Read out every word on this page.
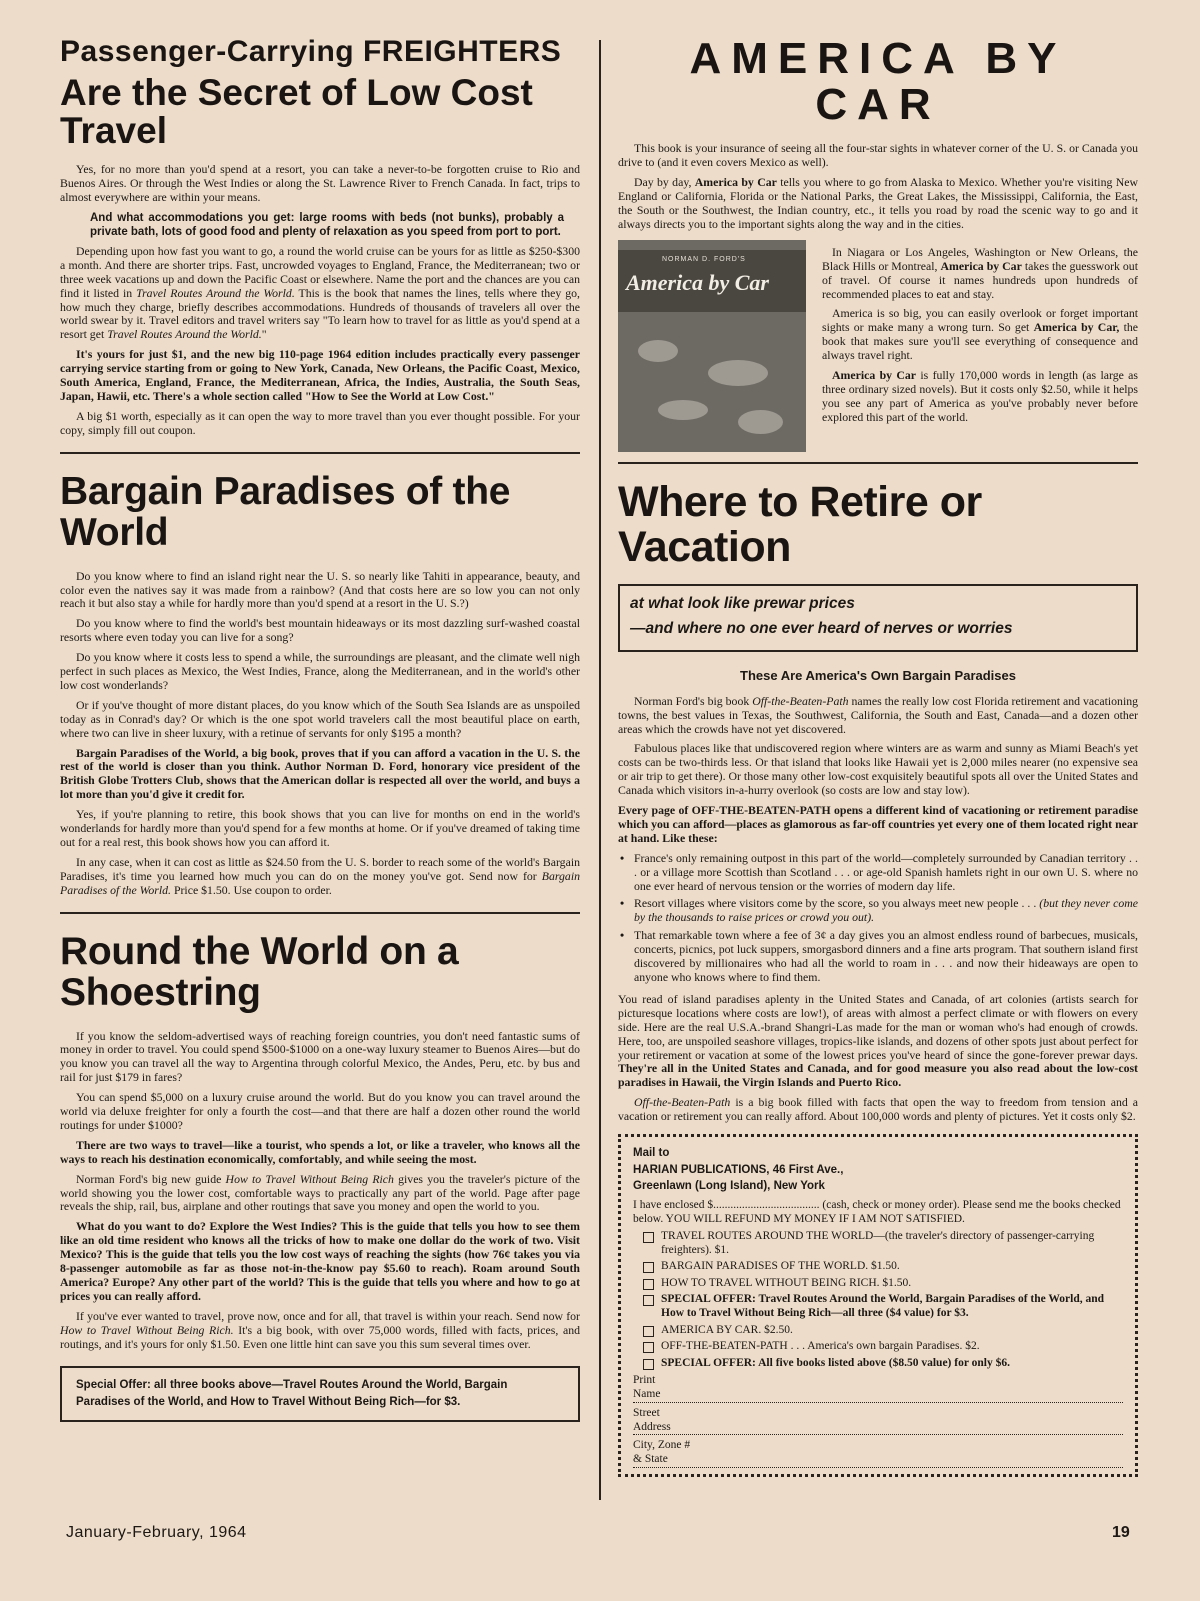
Passenger-Carrying FREIGHTERS
Are the Secret of Low Cost Travel

Yes, for no more than you'd spend at a resort, you can take a never-to-be forgotten cruise to Rio and Buenos Aires. Or through the West Indies or along the St. Lawrence River to French Canada. In fact, trips to almost everywhere are within your means.

And what accommodations you get: large rooms with beds (not bunks), probably a private bath, lots of good food and plenty of relaxation as you speed from port to port.

Depending upon how fast you want to go, a round the world cruise can be yours for as little as $250-$300 a month. And there are shorter trips. Fast, uncrowded voyages to England, France, the Mediterranean; two or three week vacations up and down the Pacific Coast or elsewhere. Name the port and the chances are you can find it listed in Travel Routes Around the World. This is the book that names the lines, tells where they go, how much they charge, briefly describes accommodations. Hundreds of thousands of travelers all over the world swear by it. Travel editors and travel writers say "To learn how to travel for as little as you'd spend at a resort get Travel Routes Around the World."

It's yours for just $1, and the new big 110-page 1964 edition includes practically every passenger carrying service starting from or going to New York, Canada, New Orleans, the Pacific Coast, Mexico, South America, England, France, the Mediterranean, Africa, the Indies, Australia, the South Seas, Japan, Hawii, etc. There's a whole section called "How to See the World at Low Cost."

A big $1 worth, especially as it can open the way to more travel than you ever thought possible. For your copy, simply fill out coupon.

Bargain Paradises of the World

Do you know where to find an island right near the U. S. so nearly like Tahiti in appearance, beauty, and color even the natives say it was made from a rainbow? (And that costs here are so low you can not only reach it but also stay a while for hardly more than you'd spend at a resort in the U. S.?)

Do you know where to find the world's best mountain hideaways or its most dazzling surf-washed coastal resorts where even today you can live for a song?

Do you know where it costs less to spend a while, the surroundings are pleasant, and the climate well nigh perfect in such places as Mexico, the West Indies, France, along the Mediterranean, and in the world's other low cost wonderlands?

Or if you've thought of more distant places, do you know which of the South Sea Islands are as unspoiled today as in Conrad's day? Or which is the one spot world travelers call the most beautiful place on earth, where two can live in sheer luxury, with a retinue of servants for only $195 a month?

Bargain Paradises of the World, a big book, proves that if you can afford a vacation in the U. S. the rest of the world is closer than you think. Author Norman D. Ford, honorary vice president of the British Globe Trotters Club, shows that the American dollar is respected all over the world, and buys a lot more than you'd give it credit for.

Yes, if you're planning to retire, this book shows that you can live for months on end in the world's wonderlands for hardly more than you'd spend for a few months at home. Or if you've dreamed of taking time out for a real rest, this book shows how you can afford it.

In any case, when it can cost as little as $24.50 from the U. S. border to reach some of the world's Bargain Paradises, it's time you learned how much you can do on the money you've got. Send now for Bargain Paradises of the World. Price $1.50. Use coupon to order.

Round the World on a Shoestring

If you know the seldom-advertised ways of reaching foreign countries, you don't need fantastic sums of money in order to travel. You could spend $500-$1000 on a one-way luxury steamer to Buenos Aires—but do you know you can travel all the way to Argentina through colorful Mexico, the Andes, Peru, etc. by bus and rail for just $179 in fares?

You can spend $5,000 on a luxury cruise around the world. But do you know you can travel around the world via deluxe freighter for only a fourth the cost—and that there are half a dozen other round the world routings for under $1000?

There are two ways to travel—like a tourist, who spends a lot, or like a traveler, who knows all the ways to reach his destination economically, comfortably, and while seeing the most.

Norman Ford's big new guide How to Travel Without Being Rich gives you the traveler's picture of the world showing you the lower cost, comfortable ways to practically any part of the world. Page after page reveals the ship, rail, bus, airplane and other routings that save you money and open the world to you.

What do you want to do? Explore the West Indies? This is the guide that tells you how to see them like an old time resident who knows all the tricks of how to make one dollar do the work of two. Visit Mexico? This is the guide that tells you the low cost ways of reaching the sights (how 76¢ takes you via 8-passenger automobile as far as those not-in-the-know pay $5.60 to reach). Roam around South America? Europe? Any other part of the world? This is the guide that tells you where and how to go at prices you can really afford.

If you've ever wanted to travel, prove now, once and for all, that travel is within your reach. Send now for How to Travel Without Being Rich. It's a big book, with over 75,000 words, filled with facts, prices, and routings, and it's yours for only $1.50. Even one little hint can save you this sum several times over.

Special Offer: all three books above—Travel Routes Around the World, Bargain Paradises of the World, and How to Travel Without Being Rich—for $3.
AMERICA BY CAR

This book is your insurance of seeing all the four-star sights in whatever corner of the U. S. or Canada you drive to (and it even covers Mexico as well).

Day by day, America by Car tells you where to go from Alaska to Mexico. Whether you're visiting New England or California, Florida or the National Parks, the Great Lakes, the Mississippi, California, the East, the South or the Southwest, the Indian country, etc., it tells you road by road the scenic way to go and it always directs you to the important sights along the way and in the cities.

NORMAN D. FORD'S
America by Car

In Niagara or Los Angeles, Washington or New Orleans, the Black Hills or Montreal, America by Car takes the guesswork out of travel. Of course it names hundreds upon hundreds of recommended places to eat and stay.

America is so big, you can easily overlook or forget important sights or make many a wrong turn. So get America by Car, the book that makes sure you'll see everything of consequence and always travel right.

America by Car is fully 170,000 words in length (as large as three ordinary sized novels). But it costs only $2.50, while it helps you see any part of America as you've probably never before explored this part of the world.

Where to Retire or Vacation
at what look like prewar prices
—and where no one ever heard of nerves or worries
These Are America's Own Bargain Paradises

Norman Ford's big book Off-the-Beaten-Path names the really low cost Florida retirement and vacationing towns, the best values in Texas, the Southwest, California, the South and East, Canada—and a dozen other areas which the crowds have not yet discovered.

Fabulous places like that undiscovered region where winters are as warm and sunny as Miami Beach's yet costs can be two-thirds less. Or that island that looks like Hawaii yet is 2,000 miles nearer (no expensive sea or air trip to get there). Or those many other low-cost exquisitely beautiful spots all over the United States and Canada which visitors in-a-hurry overlook (so costs are low and stay low).

Every page of OFF-THE-BEATEN-PATH opens a different kind of vacationing or retirement paradise which you can afford—places as glamorous as far-off countries yet every one of them located right near at hand. Like these:

• France's only remaining outpost in this part of the world—completely surrounded by Canadian territory . . . or a village more Scottish than Scotland . . . or age-old Spanish hamlets right in our own U. S. where no one ever heard of nervous tension or the worries of modern day life.
• Resort villages where visitors come by the score, so you always meet new people . . . (but they never come by the thousands to raise prices or crowd you out).
• That remarkable town where a fee of 3¢ a day gives you an almost endless round of barbecues, musicals, concerts, picnics, pot luck suppers, smorgasbord dinners and a fine arts program. That southern island first discovered by millionaires who had all the world to roam in . . . and now their hideaways are open to anyone who knows where to find them.

You read of island paradises aplenty in the United States and Canada, of art colonies (artists search for picturesque locations where costs are low!), of areas with almost a perfect climate or with flowers on every side. Here are the real U.S.A.-brand Shangri-Las made for the man or woman who's had enough of crowds. Here, too, are unspoiled seashore villages, tropics-like islands, and dozens of other spots just about perfect for your retirement or vacation at some of the lowest prices you've heard of since the gone-forever prewar days. They're all in the United States and Canada, and for good measure you also read about the low-cost paradises in Hawaii, the Virgin Islands and Puerto Rico.

Off-the-Beaten-Path is a big book filled with facts that open the way to freedom from tension and a vacation or retirement you can really afford. About 100,000 words and plenty of pictures. Yet it costs only $2.

Mail to
HARIAN PUBLICATIONS, 46 First Ave.,
Greenlawn (Long Island), New York
I have enclosed $..................................... (cash, check or money order). Please send me the books checked below. YOU WILL REFUND MY MONEY IF I AM NOT SATISFIED.
TRAVEL ROUTES AROUND THE WORLD—(the traveler's directory of passenger-carrying freighters). $1.
BARGAIN PARADISES OF THE WORLD. $1.50.
HOW TO TRAVEL WITHOUT BEING RICH. $1.50.
SPECIAL OFFER: Travel Routes Around the World, Bargain Paradises of the World, and How to Travel Without Being Rich—all three ($4 value) for $3.
AMERICA BY CAR. $2.50.
OFF-THE-BEATEN-PATH . . . America's own bargain Paradises. $2.
SPECIAL OFFER: All five books listed above ($8.50 value) for only $6.
Print
Name
Street
Address
City, Zone #
& State
January-February, 1964	19
